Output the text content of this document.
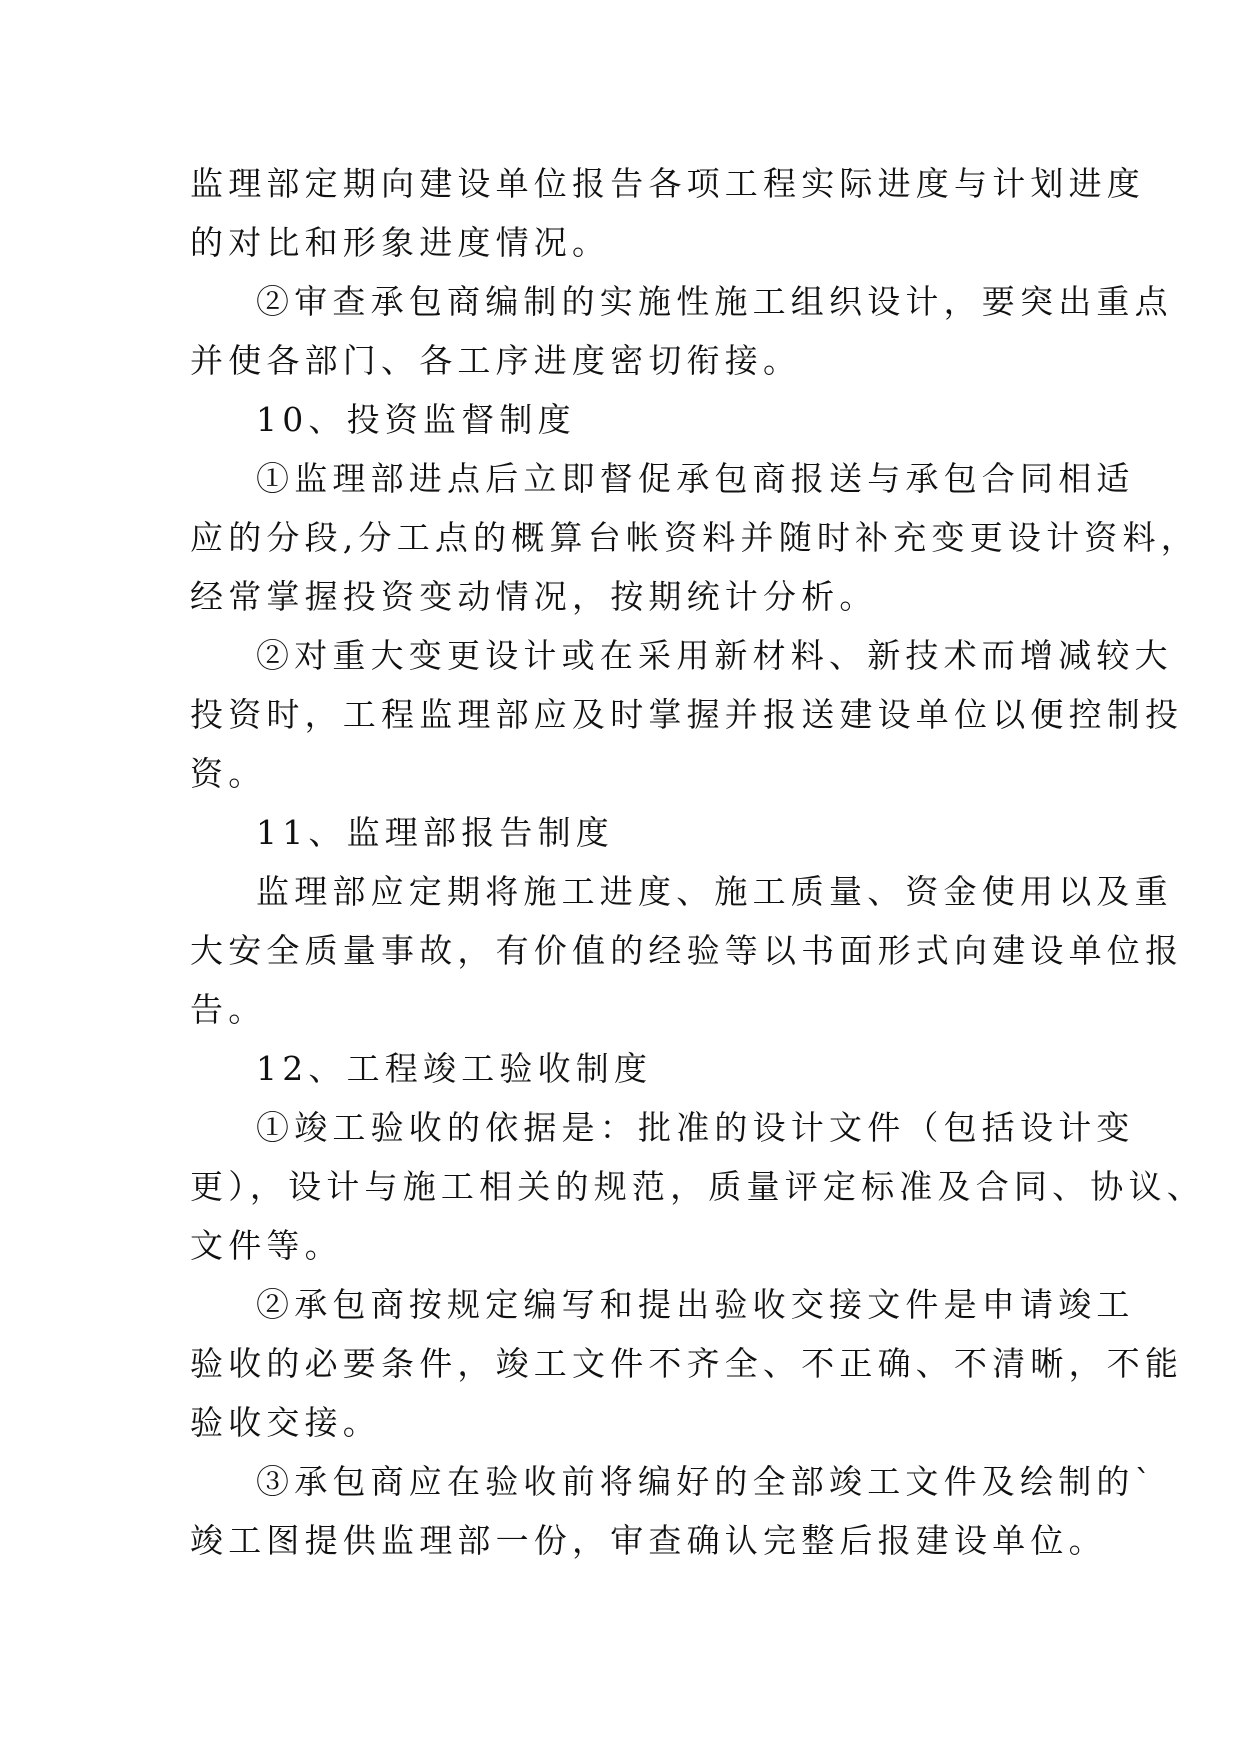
监理部定期向建设单位报告各项工程实际进度与计划进度
的对比和形象进度情况。
②审查承包商编制的实施性施工组织设计，要突出重点
并使各部门、各工序进度密切衔接。
10、投资监督制度
①监理部进点后立即督促承包商报送与承包合同相适
应的分段,分工点的概算台帐资料并随时补充变更设计资料，
经常掌握投资变动情况，按期统计分析。
②对重大变更设计或在采用新材料、新技术而增减较大
投资时，工程监理部应及时掌握并报送建设单位以便控制投
资。
11、监理部报告制度
监理部应定期将施工进度、施工质量、资金使用以及重
大安全质量事故，有价值的经验等以书面形式向建设单位报
告。
12、工程竣工验收制度
①竣工验收的依据是：批准的设计文件（包括设计变
更），设计与施工相关的规范，质量评定标准及合同、协议、
文件等。
②承包商按规定编写和提出验收交接文件是申请竣工
验收的必要条件，竣工文件不齐全、不正确、不清晰，不能
验收交接。
③承包商应在验收前将编好的全部竣工文件及绘制的`
竣工图提供监理部一份，审查确认完整后报建设单位。
